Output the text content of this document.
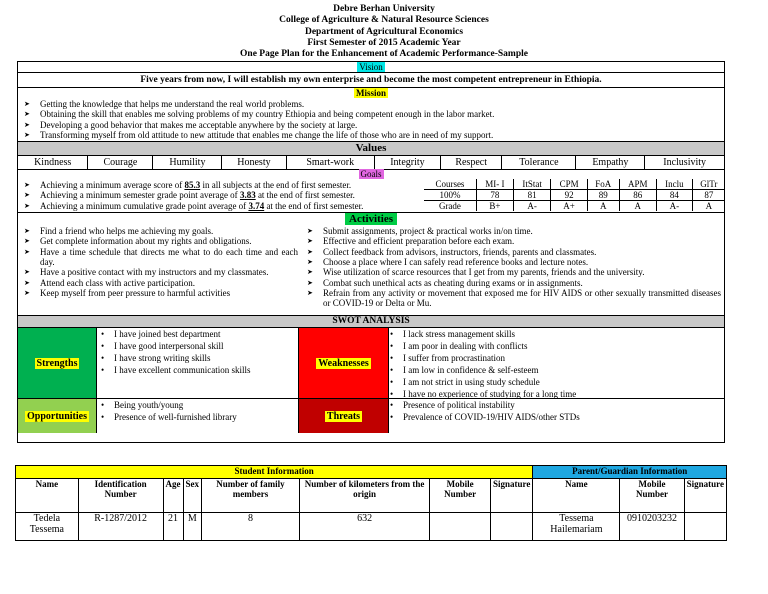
Debre Berhan University
College of Agriculture & Natural Resource Sciences
Department of Agricultural Economics
First Semester of 2015 Academic Year
One Page Plan for the Enhancement of Academic Performance-Sample
Vision
Five years from now, I will establish my own enterprise and become the most competent entrepreneur in Ethiopia.
Mission
➤ Getting the knowledge that helps me understand the real world problems.
➤ Obtaining the skill that enables me solving problems of my country Ethiopia and being competent enough in the labor market.
➤ Developing a good behavior that makes me acceptable anywhere by the society at large.
➤ Transforming myself from old attitude to new attitude that enables me change the life of those who are in need of my support.
Values
Kindness	Courage	Humility	Honesty	Smart-work	Integrity	Respect	Tolerance	Empathy	Inclusivity
Goals
➤ Achieving a minimum average score of 85.3 in all subjects at the end of first semester.
➤ Achieving a minimum semester grade point average of 3.83 at the end of first semester.
➤ Achieving a minimum cumulative grade point average of 3.74 at the end of first semester.
Courses	MI- I	ItStat	CPM	FoA	APM	Inclu	GlTr
100%	78	81	92	89	86	84	87
Grade	B+	A-	A+	A	A	A-	A
Activities
➤ Find a friend who helps me achieving my goals.
➤ Get complete information about my rights and obligations.
➤ Have a time schedule that directs me what to do each time and each day.
➤ Have a positive contact with my instructors and my classmates.
➤ Attend each class with active participation.
➤ Keep myself from peer pressure to harmful activities
➤ Submit assignments, project & practical works in/on time.
➤ Effective and efficient preparation before each exam.
➤ Collect feedback from advisors, instructors, friends, parents and classmates.
➤ Choose a place where I can safely read reference books and lecture notes.
➤ Wise utilization of scarce resources that I get from my parents, friends and the university.
➤ Combat such unethical acts as cheating during exams or in assignments.
➤ Refrain from any activity or movement that exposed me for HIV AIDS or other sexually transmitted diseases or COVID-19 or Delta or Mu.
SWOT ANALYSIS
Strengths
• I have joined best department
• I have good interpersonal skill
• I have strong writing skills
• I have excellent communication skills
Weaknesses
• I lack stress management skills
• I am poor in dealing with conflicts
• I suffer from procrastination
• I am low in confidence & self-esteem
• I am not strict in using study schedule
• I have no experience of studying for a long time
Opportunities
• Being youth/young
• Presence of well-furnished library	Threats
• Presence of political instability
• Prevalence of COVID-19/HIV AIDS/other STDs
Student Information								Parent/Guardian Information		
Name	Identification Number	Age	Sex	Number of family members	Number of kilometers from the origin	Mobile Number	Signature	Name	Mobile Number	Signature
Tedela Tessema	R-1287/2012	21	M	8	632			Tessema Hailemariam	0910203232	
